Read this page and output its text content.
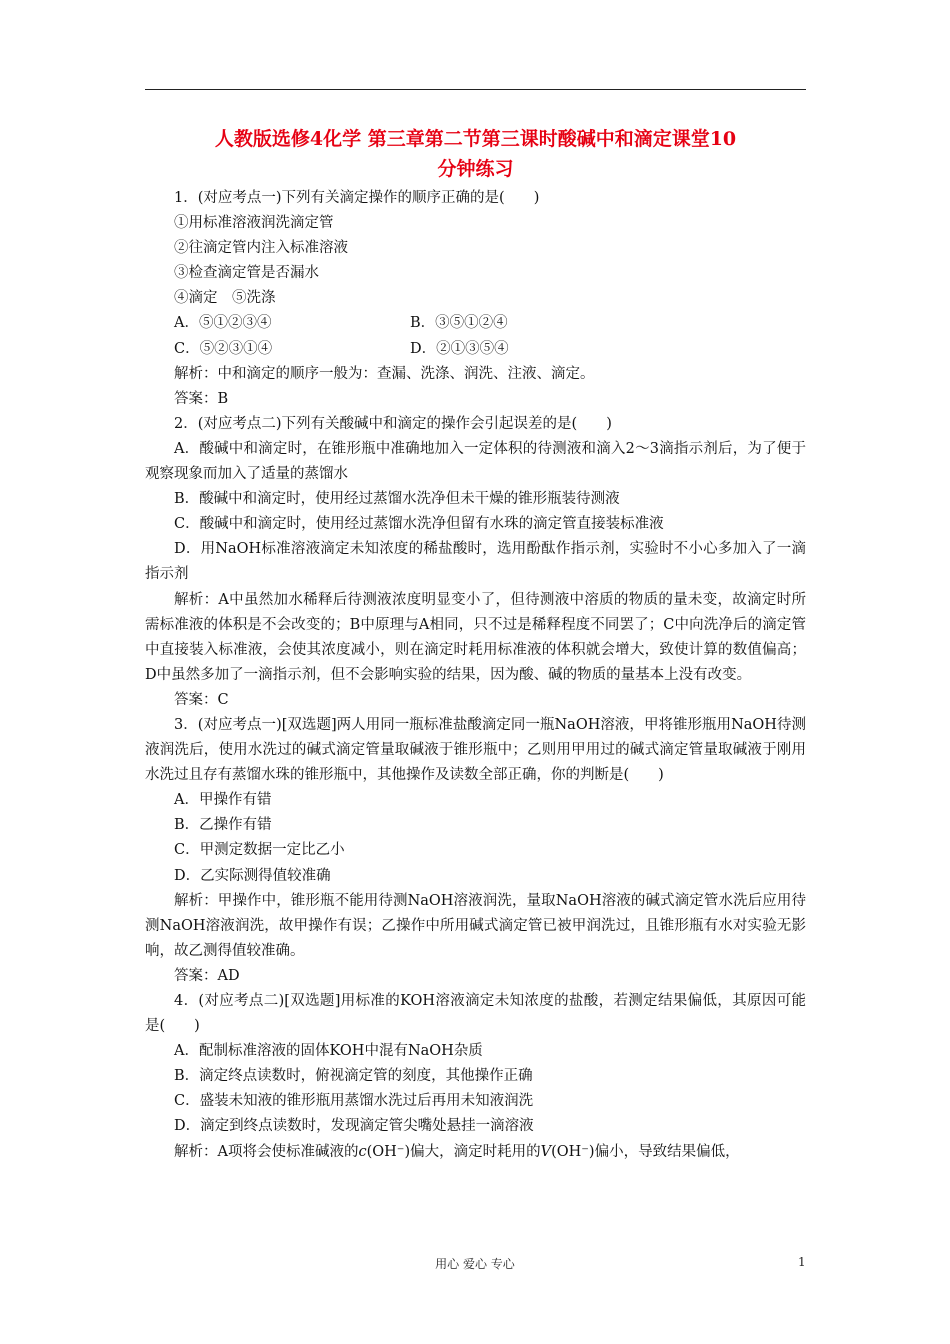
人教版选修4化学 第三章第二节第三课时酸碱中和滴定课堂10
分钟练习

1．(对应考点一)下列有关滴定操作的顺序正确的是(　　)

①用标准溶液润洗滴定管

②往滴定管内注入标准溶液

③检查滴定管是否漏水

④滴定　⑤洗涤

A．⑤①②③④	B．③⑤①②④
C．⑤②③①④	D．②①③⑤④

解析：中和滴定的顺序一般为：查漏、洗涤、润洗、注液、滴定。

答案：B

2．(对应考点二)下列有关酸碱中和滴定的操作会引起误差的是(　　)

A．酸碱中和滴定时，在锥形瓶中准确地加入一定体积的待测液和滴入2～3滴指示剂后，为了便于观察现象而加入了适量的蒸馏水

B．酸碱中和滴定时，使用经过蒸馏水洗净但未干燥的锥形瓶装待测液

C．酸碱中和滴定时，使用经过蒸馏水洗净但留有水珠的滴定管直接装标准液

D．用NaOH标准溶液滴定未知浓度的稀盐酸时，选用酚酞作指示剂，实验时不小心多加入了一滴指示剂

解析：A中虽然加水稀释后待测液浓度明显变小了，但待测液中溶质的物质的量未变，故滴定时所需标准液的体积是不会改变的；B中原理与A相同，只不过是稀释程度不同罢了；C中向洗净后的滴定管中直接装入标准液，会使其浓度减小，则在滴定时耗用标准液的体积就会增大，致使计算的数值偏高；D中虽然多加了一滴指示剂，但不会影响实验的结果，因为酸、碱的物质的量基本上没有改变。

答案：C

3．(对应考点一)[双选题]两人用同一瓶标准盐酸滴定同一瓶NaOH溶液，甲将锥形瓶用NaOH待测液润洗后，使用水洗过的碱式滴定管量取碱液于锥形瓶中；乙则用甲用过的碱式滴定管量取碱液于刚用水洗过且存有蒸馏水珠的锥形瓶中，其他操作及读数全部正确，你的判断是(　　)

A．甲操作有错

B．乙操作有错

C．甲测定数据一定比乙小

D．乙实际测得值较准确

解析：甲操作中，锥形瓶不能用待测NaOH溶液润洗，量取NaOH溶液的碱式滴定管水洗后应用待测NaOH溶液润洗，故甲操作有误；乙操作中所用碱式滴定管已被甲润洗过，且锥形瓶有水对实验无影响，故乙测得值较准确。

答案：AD

4．(对应考点二)[双选题]用标准的KOH溶液滴定未知浓度的盐酸，若测定结果偏低，其原因可能是(　　)

A．配制标准溶液的固体KOH中混有NaOH杂质

B．滴定终点读数时，俯视滴定管的刻度，其他操作正确

C．盛装未知液的锥形瓶用蒸馏水洗过后再用未知液润洗

D．滴定到终点读数时，发现滴定管尖嘴处悬挂一滴溶液

解析：A项将会使标准碱液的c(OH⁻)偏大，滴定时耗用的V(OH⁻)偏小，导致结果偏低，

用心 爱心 专心	1
